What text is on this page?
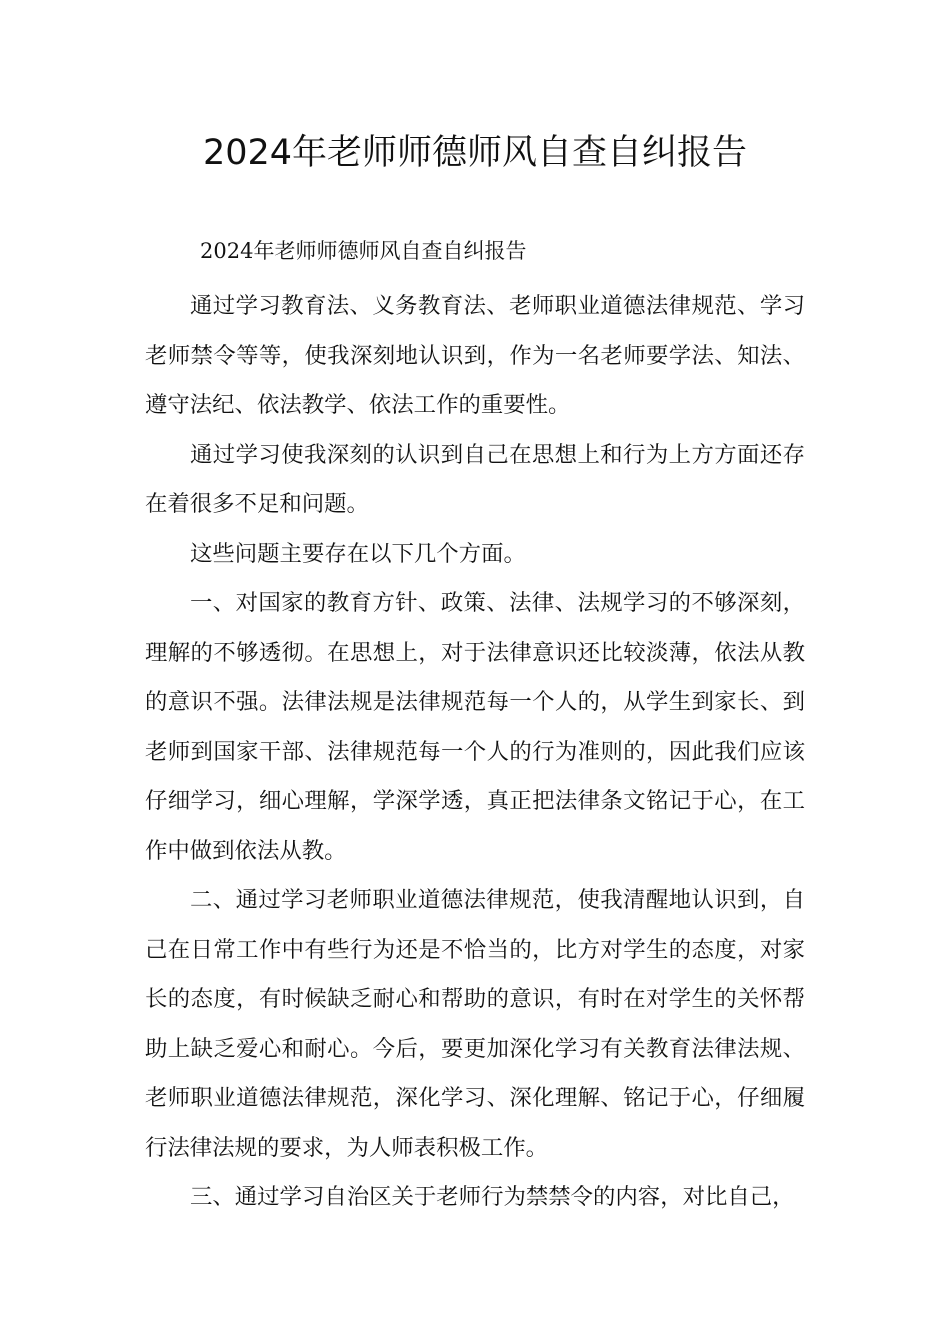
2024年老师师德师风自查自纠报告

2024年老师师德师风自查自纠报告

通过学习教育法、义务教育法、老师职业道德法律规范、学习老师禁令等等，使我深刻地认识到，作为一名老师要学法、知法、遵守法纪、依法教学、依法工作的重要性。

通过学习使我深刻的认识到自己在思想上和行为上方方面还存在着很多不足和问题。

这些问题主要存在以下几个方面。

一、对国家的教育方针、政策、法律、法规学习的不够深刻，理解的不够透彻。在思想上，对于法律意识还比较淡薄，依法从教的意识不强。法律法规是法律规范每一个人的，从学生到家长、到老师到国家干部、法律规范每一个人的行为准则的，因此我们应该仔细学习，细心理解，学深学透，真正把法律条文铭记于心，在工作中做到依法从教。

二、通过学习老师职业道德法律规范，使我清醒地认识到，自己在日常工作中有些行为还是不恰当的，比方对学生的态度，对家长的态度，有时候缺乏耐心和帮助的意识，有时在对学生的关怀帮助上缺乏爱心和耐心。今后，要更加深化学习有关教育法律法规、老师职业道德法律规范，深化学习、深化理解、铭记于心，仔细履行法律法规的要求，为人师表积极工作。

三、通过学习自治区关于老师行为禁禁令的内容，对比自己，
